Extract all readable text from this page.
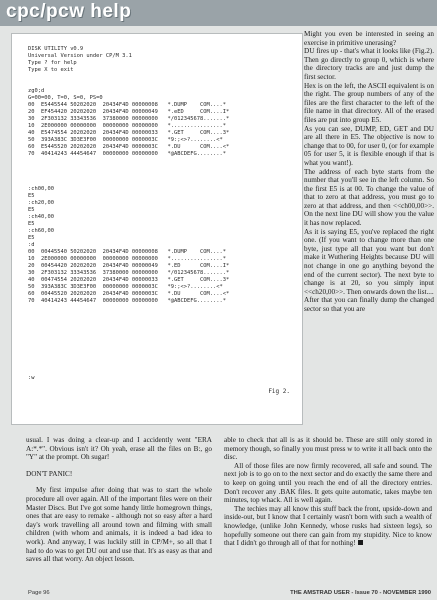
cpc/pcw help
Fig 2.
DISK UTILITY v0.9
Universal Version under CP/M 3.1
Type ? for help
Type X to exit
zg0;d
G=00=00, T=0, S=0, PS=0
00  E5445544 50202020  20434F4D 00000008   *.DUMP    COM....*
20  EF454420 20202020  20434F4D 00000049   *.eED     COM....I*
30  2F303132 33343536  37380000 00000000   */012345678.......*
10  2E000000 00000000  00000000 00000000   *................*
40  E5474554 20202020  20434F4D 00000033   *.GET     COM....3*
50  393A383C 3D3E3F00  00000000 0000003C   *9:;<>?........<*
60  E5445520 20202020  20434F4D 0000003C   *.DU      COM....<*
70  40414243 44454647  00000000 00000000   *@ABCDEFG........*
:ch00,00
E5
:ch20,00
E5
:ch40,00
E5
:ch60,00
E5
:d
00  00445540 50202020  20434F4D 00000008   *.DUMP    COM....*
10  2E000000 00000000  00000000 00000000   *................*
20  00454420 20202020  20434F4D 00000049   *.ED      COM....I*
30  2F303132 33343536  37380000 00000000   */012345678.......*
40  00474554 20202020  20434F4D 00000033   *.GET     COM....3*
50  393A383C 3D3E3F00  00000000 0000003C   *9:;<>?........<*
60  00445520 20202020  20434F4D 0000003C   *.DU      COM....<*
70  40414243 44454647  00000000 00000000   *@ABCDEFG........*
:w
Might you even be interested in seeing an exercise in primitive unerasing?
DU fires up - that's what it looks like (Fig.2). Then go directly to group 0, which is where the directory tracks are and just dump the first sector.
Hex is on the left, the ASCII equivalent is on the right. The group numbers of any of the files are the first character to the left of the file name in that directory. All of the erased files are put into group E5.
As you can see, DUMP, ED, GET and DU are all there in E5. The objective is now to change that to 00, for user 0, (or for example 05 for user 5, it is flexible enough if that is what you want!).
The address of each byte starts from the number that you'll see in the left column. So the first E5 is at 00. To change the value of that to zero at that address, you must go to zero at that address, and then <<ch00,00>>. On the next line DU will show you the value it has now replaced.
As it is saying E5, you've replaced the right one. (If you want to change more than one byte, just type all that you want but don't make it Wuthering Heights because DU will not change in one go anything beyond the end of the current sector). The next byte to change is at 20, so you simply input <<ch20,00>>. Then onwards down the list....
After that you can finally dump the changed sector so that you are

usual. I was doing a clear-up and I accidently went "ERA A:*.*". Obvious isn't it? Oh yeah, erase all the files on B:, go "Y" at the prompt. Oh sugar!

DON'T PANIC!

My first impulse after doing that was to start the whole procedure all over again. All of the important files were on their Master Discs. But I've got some handy little homegrown things, ones that are easy to remake - although not so easy after a hard day's work travelling all around town and filming with small children (with whom and animals, it is indeed a bad idea to work). And anyway, I was luckily still in CP/M+, so all that I had to do was to get DU out and use that. It's as easy as that and saves all that worry. An object lesson.

able to check that all is as it should be. These are still only stored in memory though, so finally you must press w to write it all back onto the disc.

All of those files are now firmly recovered, all safe and sound. The next job is to go on to the next sector and do exactly the same there and to keep on going until you reach the end of all the directory entries. Don't recover any .BAK files. It gets quite automatic, takes maybe ten minutes, top whack. All is well again.

The techies may all know this stuff back the front, upside-down and inside-out, but I know that I certainly wasn't born with such a wealth of knowledge, (unlike John Kennedy, whose rusks had sixteen legs), so hopefully someone out there can gain from my stupidity. Nice to know that I didn't go through all of that for nothing!

Page 96	THE AMSTRAD USER - Issue 70 - NOVEMBER 1990
